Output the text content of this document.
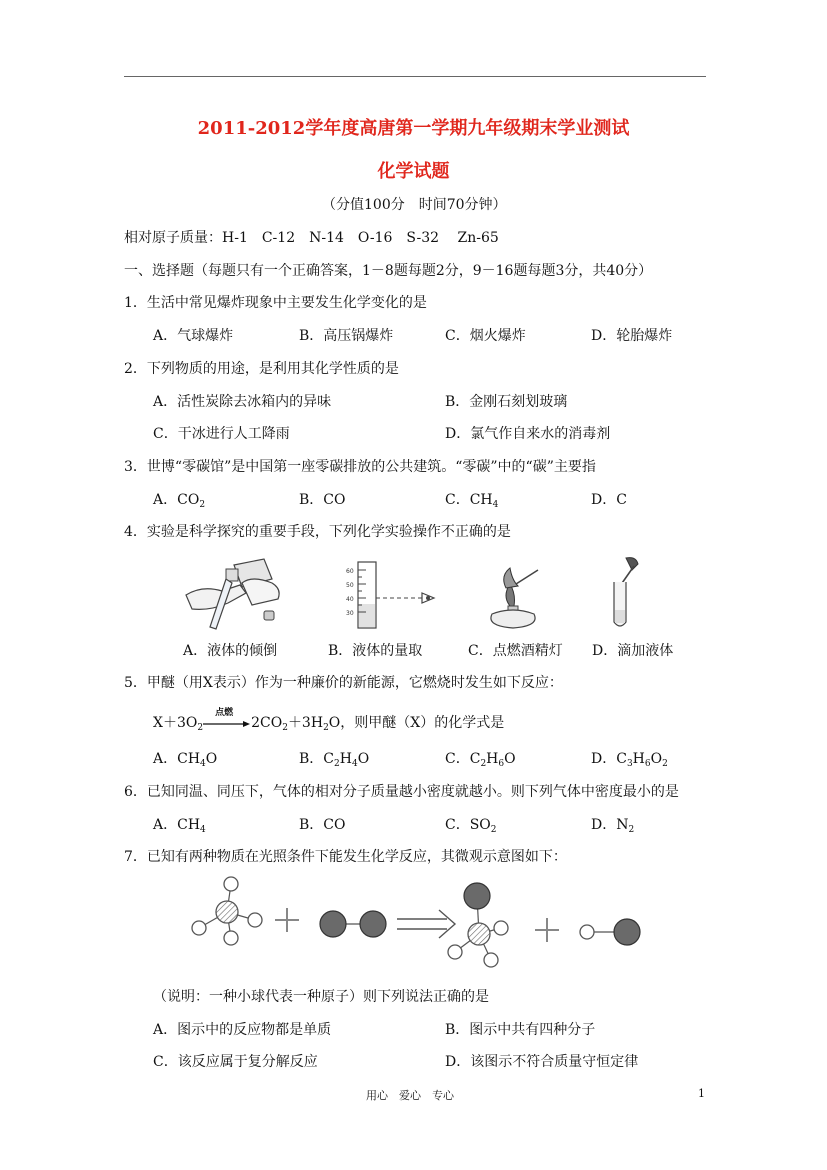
2011-2012学年度高唐第一学期九年级期末学业测试
化学试题
（分值100分　时间70分钟）
相对原子质量：H-1　C-12　N-14　O-16　S-32　 Zn-65
一、选择题（每题只有一个正确答案，1－8题每题2分，9－16题每题3分，共40分）
1．生活中常见爆炸现象中主要发生化学变化的是
A．气球爆炸	B．高压锅爆炸	C．烟火爆炸	D．轮胎爆炸
2．下列物质的用途，是利用其化学性质的是
A．活性炭除去冰箱内的异味	B．金刚石刻划玻璃
C．干冰进行人工降雨	D．氯气作自来水的消毒剂
3．世博“零碳馆”是中国第一座零碳排放的公共建筑。“零碳”中的“碳”主要指
A．$CO_2$	B．CO	C．$CH_4$	D．C
4．实验是科学探究的重要手段，下列化学实验操作不正确的是
60
50
40
30
A．液体的倾倒	B．液体的量取	C．点燃酒精灯 D．滴加液体
5．甲醚（用X表示）作为一种廉价的新能源，它燃烧时发生如下反应：
$X+3O_2$
点燃
$2CO_2+3H_2O$，则甲醚（X）的化学式是
A．$CH_4O$	B．$C_2H_4O$	C．$C_2H_6O$	D．$C_3H_6O_2$
6．已知同温、同压下，气体的相对分子质量越小密度就越小。则下列气体中密度最小的是
A．$CH_4$	B．CO	C．$SO_2$	D．$N_2$
7．已知有两种物质在光照条件下能发生化学反应，其微观示意图如下：
（说明：一种小球代表一种原子）则下列说法正确的是
A．图示中的反应物都是单质	B．图示中共有四种分子
C．该反应属于复分解反应	D．该图示不符合质量守恒定律
用心　爱心　专心	1
